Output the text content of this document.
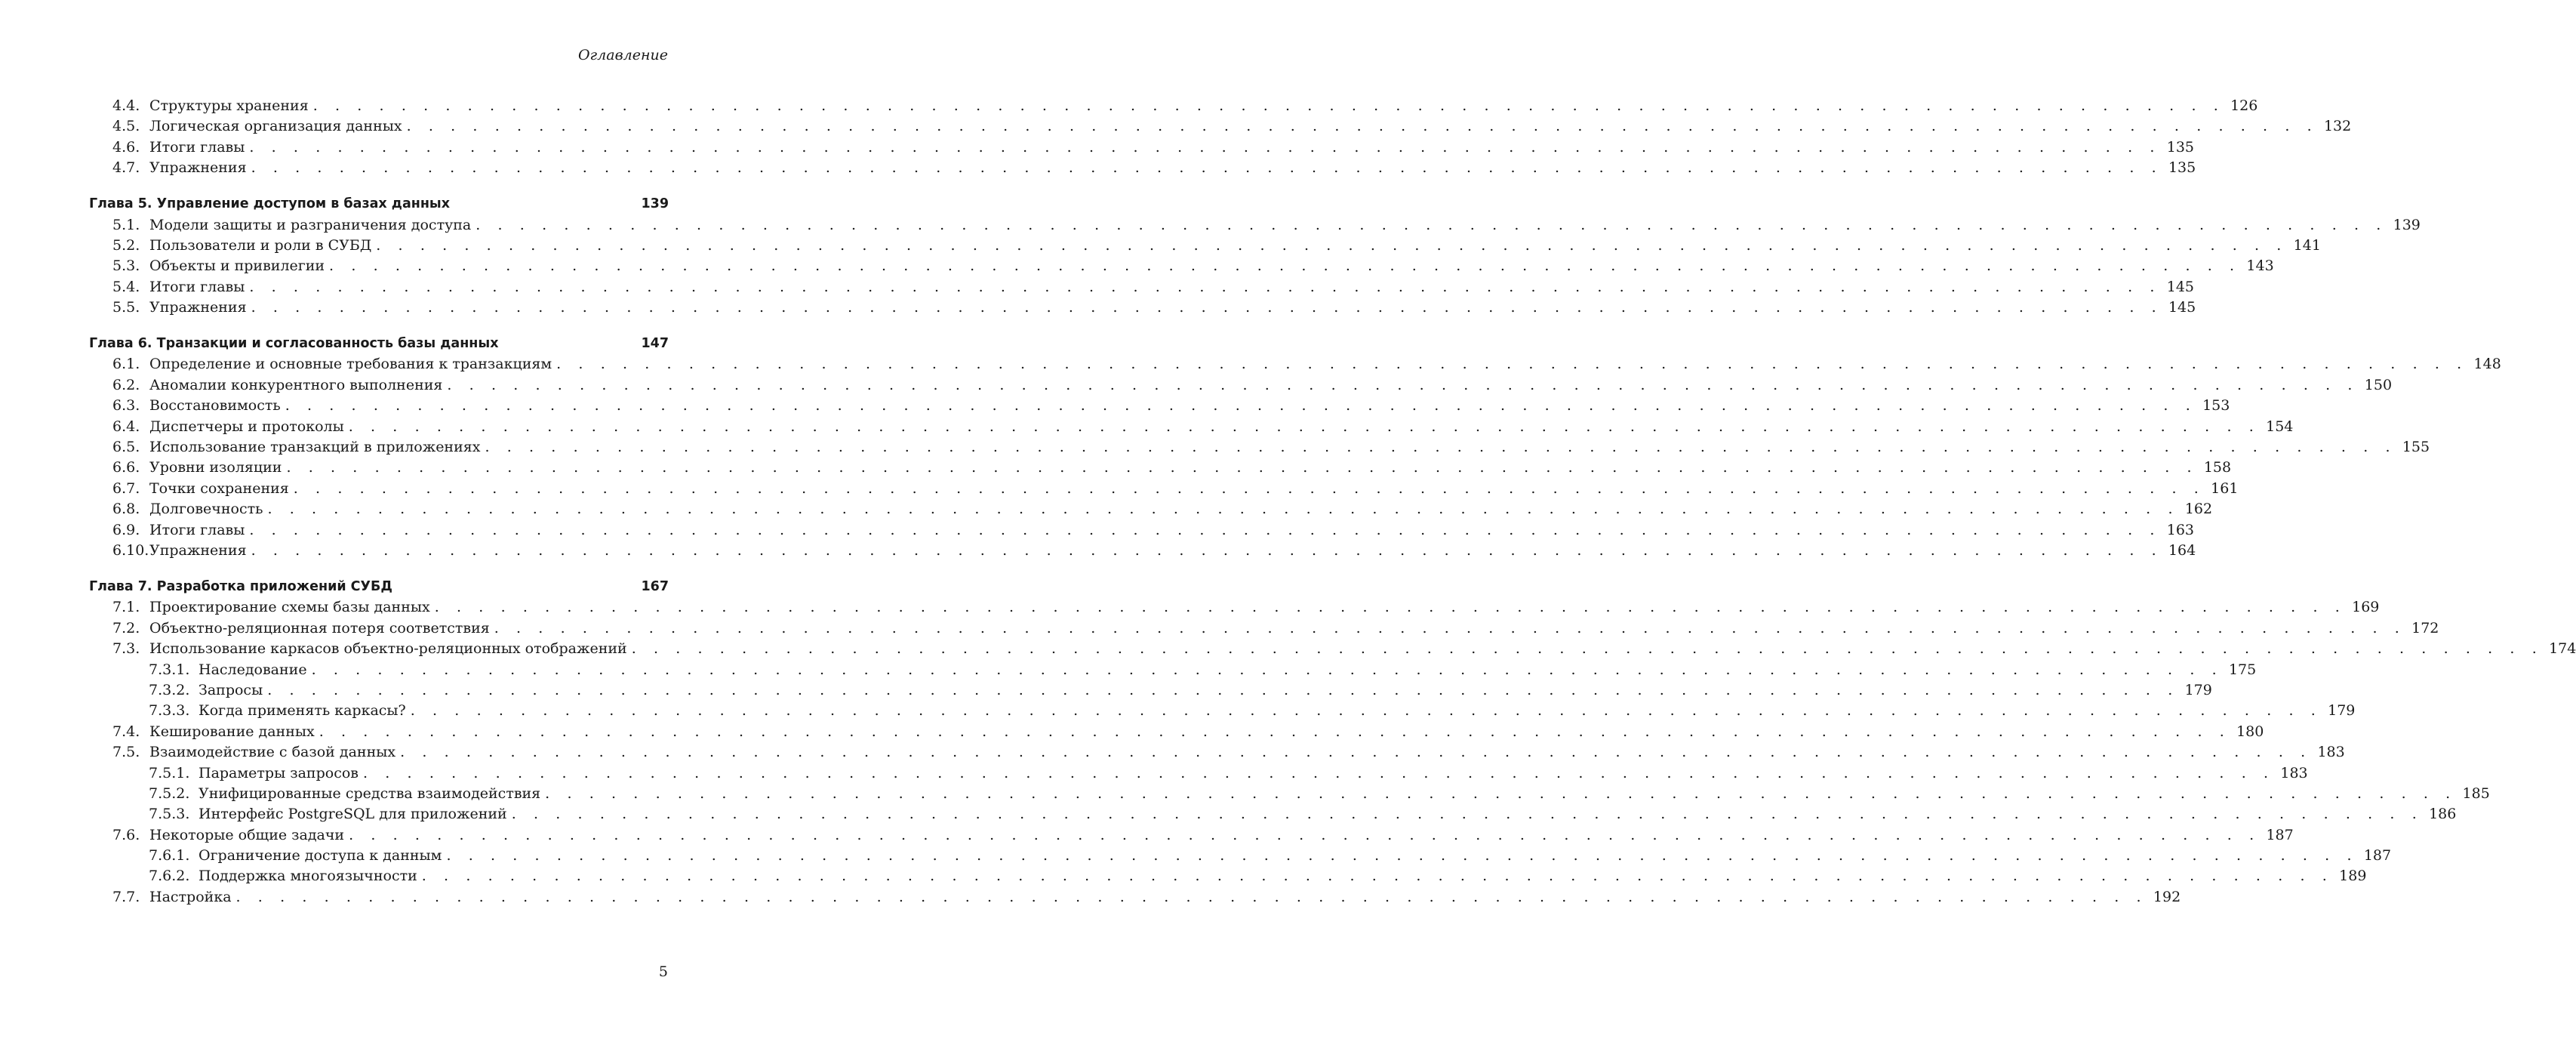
Оглавление
4.4. Структуры хранения . . . . . . . . . . . . . . . . . . . . . . . . . . . . . . . . . . . . . . . . . . . . . . . . . . . . . . . . . . . . . . . . . . . . . . . . . . . . . . . . . . . . . . . 126
4.5. Логическая организация данных . . . . . . . . . . . . . . . . . . . . . . . . . . . . . . . . . . . . . . . . . . . . . . . . . . . . . . . . . . . . . . . . . . . . . . . . . . . . . . . . . . . . . . . 132
4.6. Итоги главы . . . . . . . . . . . . . . . . . . . . . . . . . . . . . . . . . . . . . . . . . . . . . . . . . . . . . . . . . . . . . . . . . . . . . . . . . . . . . . . . . . . . . . . 135
4.7. Упражнения . . . . . . . . . . . . . . . . . . . . . . . . . . . . . . . . . . . . . . . . . . . . . . . . . . . . . . . . . . . . . . . . . . . . . . . . . . . . . . . . . . . . . . . 135
Глава 5. Управление доступом в базах данных	139
5.1. Модели защиты и разграничения доступа . . . . . . . . . . . . . . . . . . . . . . . . . . . . . . . . . . . . . . . . . . . . . . . . . . . . . . . . . . . . . . . . . . . . . . . . . . . . . . . . . . . . . . . 139
5.2. Пользователи и роли в СУБД . . . . . . . . . . . . . . . . . . . . . . . . . . . . . . . . . . . . . . . . . . . . . . . . . . . . . . . . . . . . . . . . . . . . . . . . . . . . . . . . . . . . . . . 141
5.3. Объекты и привилегии . . . . . . . . . . . . . . . . . . . . . . . . . . . . . . . . . . . . . . . . . . . . . . . . . . . . . . . . . . . . . . . . . . . . . . . . . . . . . . . . . . . . . . . 143
5.4. Итоги главы . . . . . . . . . . . . . . . . . . . . . . . . . . . . . . . . . . . . . . . . . . . . . . . . . . . . . . . . . . . . . . . . . . . . . . . . . . . . . . . . . . . . . . . 145
5.5. Упражнения . . . . . . . . . . . . . . . . . . . . . . . . . . . . . . . . . . . . . . . . . . . . . . . . . . . . . . . . . . . . . . . . . . . . . . . . . . . . . . . . . . . . . . . 145
Глава 6. Транзакции и согласованность базы данных	147
6.1. Определение и основные требования к транзакциям . . . . . . . . . . . . . . . . . . . . . . . . . . . . . . . . . . . . . . . . . . . . . . . . . . . . . . . . . . . . . . . . . . . . . . . . . . . . . . . . . . . . . . . 148
6.2. Аномалии конкурентного выполнения . . . . . . . . . . . . . . . . . . . . . . . . . . . . . . . . . . . . . . . . . . . . . . . . . . . . . . . . . . . . . . . . . . . . . . . . . . . . . . . . . . . . . . . 150
6.3. Восстановимость . . . . . . . . . . . . . . . . . . . . . . . . . . . . . . . . . . . . . . . . . . . . . . . . . . . . . . . . . . . . . . . . . . . . . . . . . . . . . . . . . . . . . . . 153
6.4. Диспетчеры и протоколы . . . . . . . . . . . . . . . . . . . . . . . . . . . . . . . . . . . . . . . . . . . . . . . . . . . . . . . . . . . . . . . . . . . . . . . . . . . . . . . . . . . . . . . 154
6.5. Использование транзакций в приложениях . . . . . . . . . . . . . . . . . . . . . . . . . . . . . . . . . . . . . . . . . . . . . . . . . . . . . . . . . . . . . . . . . . . . . . . . . . . . . . . . . . . . . . . 155
6.6. Уровни изоляции . . . . . . . . . . . . . . . . . . . . . . . . . . . . . . . . . . . . . . . . . . . . . . . . . . . . . . . . . . . . . . . . . . . . . . . . . . . . . . . . . . . . . . . 158
6.7. Точки сохранения . . . . . . . . . . . . . . . . . . . . . . . . . . . . . . . . . . . . . . . . . . . . . . . . . . . . . . . . . . . . . . . . . . . . . . . . . . . . . . . . . . . . . . . 161
6.8. Долговечность . . . . . . . . . . . . . . . . . . . . . . . . . . . . . . . . . . . . . . . . . . . . . . . . . . . . . . . . . . . . . . . . . . . . . . . . . . . . . . . . . . . . . . . 162
6.9. Итоги главы . . . . . . . . . . . . . . . . . . . . . . . . . . . . . . . . . . . . . . . . . . . . . . . . . . . . . . . . . . . . . . . . . . . . . . . . . . . . . . . . . . . . . . . 163
6.10. Упражнения . . . . . . . . . . . . . . . . . . . . . . . . . . . . . . . . . . . . . . . . . . . . . . . . . . . . . . . . . . . . . . . . . . . . . . . . . . . . . . . . . . . . . . . 164
Глава 7. Разработка приложений СУБД	167
7.1. Проектирование схемы базы данных . . . . . . . . . . . . . . . . . . . . . . . . . . . . . . . . . . . . . . . . . . . . . . . . . . . . . . . . . . . . . . . . . . . . . . . . . . . . . . . . . . . . . . . 169
7.2. Объектно-реляционная потеря соответствия . . . . . . . . . . . . . . . . . . . . . . . . . . . . . . . . . . . . . . . . . . . . . . . . . . . . . . . . . . . . . . . . . . . . . . . . . . . . . . . . . . . . . . . 172
7.3. Использование каркасов объектно-реляционных отображений . . . . . . . . . . . . . . . . . . . . . . . . . . . . . . . . . . . . . . . . . . . . . . . . . . . . . . . . . . . . . . . . . . . . . . . . . . . . . . . . . . . . . . . 174
7.3.1. Наследование . . . . . . . . . . . . . . . . . . . . . . . . . . . . . . . . . . . . . . . . . . . . . . . . . . . . . . . . . . . . . . . . . . . . . . . . . . . . . . . . . . . . . . . 175
7.3.2. Запросы . . . . . . . . . . . . . . . . . . . . . . . . . . . . . . . . . . . . . . . . . . . . . . . . . . . . . . . . . . . . . . . . . . . . . . . . . . . . . . . . . . . . . . . 179
7.3.3. Когда применять каркасы? . . . . . . . . . . . . . . . . . . . . . . . . . . . . . . . . . . . . . . . . . . . . . . . . . . . . . . . . . . . . . . . . . . . . . . . . . . . . . . . . . . . . . . . 179
7.4. Кеширование данных . . . . . . . . . . . . . . . . . . . . . . . . . . . . . . . . . . . . . . . . . . . . . . . . . . . . . . . . . . . . . . . . . . . . . . . . . . . . . . . . . . . . . . . 180
7.5. Взаимодействие с базой данных . . . . . . . . . . . . . . . . . . . . . . . . . . . . . . . . . . . . . . . . . . . . . . . . . . . . . . . . . . . . . . . . . . . . . . . . . . . . . . . . . . . . . . . 183
7.5.1. Параметры запросов . . . . . . . . . . . . . . . . . . . . . . . . . . . . . . . . . . . . . . . . . . . . . . . . . . . . . . . . . . . . . . . . . . . . . . . . . . . . . . . . . . . . . . . 183
7.5.2. Унифицированные средства взаимодействия . . . . . . . . . . . . . . . . . . . . . . . . . . . . . . . . . . . . . . . . . . . . . . . . . . . . . . . . . . . . . . . . . . . . . . . . . . . . . . . . . . . . . . . 185
7.5.3. Интерфейс PostgreSQL для приложений . . . . . . . . . . . . . . . . . . . . . . . . . . . . . . . . . . . . . . . . . . . . . . . . . . . . . . . . . . . . . . . . . . . . . . . . . . . . . . . . . . . . . . . 186
7.6. Некоторые общие задачи . . . . . . . . . . . . . . . . . . . . . . . . . . . . . . . . . . . . . . . . . . . . . . . . . . . . . . . . . . . . . . . . . . . . . . . . . . . . . . . . . . . . . . . 187
7.6.1. Ограничение доступа к данным . . . . . . . . . . . . . . . . . . . . . . . . . . . . . . . . . . . . . . . . . . . . . . . . . . . . . . . . . . . . . . . . . . . . . . . . . . . . . . . . . . . . . . . 187
7.6.2. Поддержка многоязычности . . . . . . . . . . . . . . . . . . . . . . . . . . . . . . . . . . . . . . . . . . . . . . . . . . . . . . . . . . . . . . . . . . . . . . . . . . . . . . . . . . . . . . . 189
7.7. Настройка . . . . . . . . . . . . . . . . . . . . . . . . . . . . . . . . . . . . . . . . . . . . . . . . . . . . . . . . . . . . . . . . . . . . . . . . . . . . . . . . . . . . . . . 192
5
